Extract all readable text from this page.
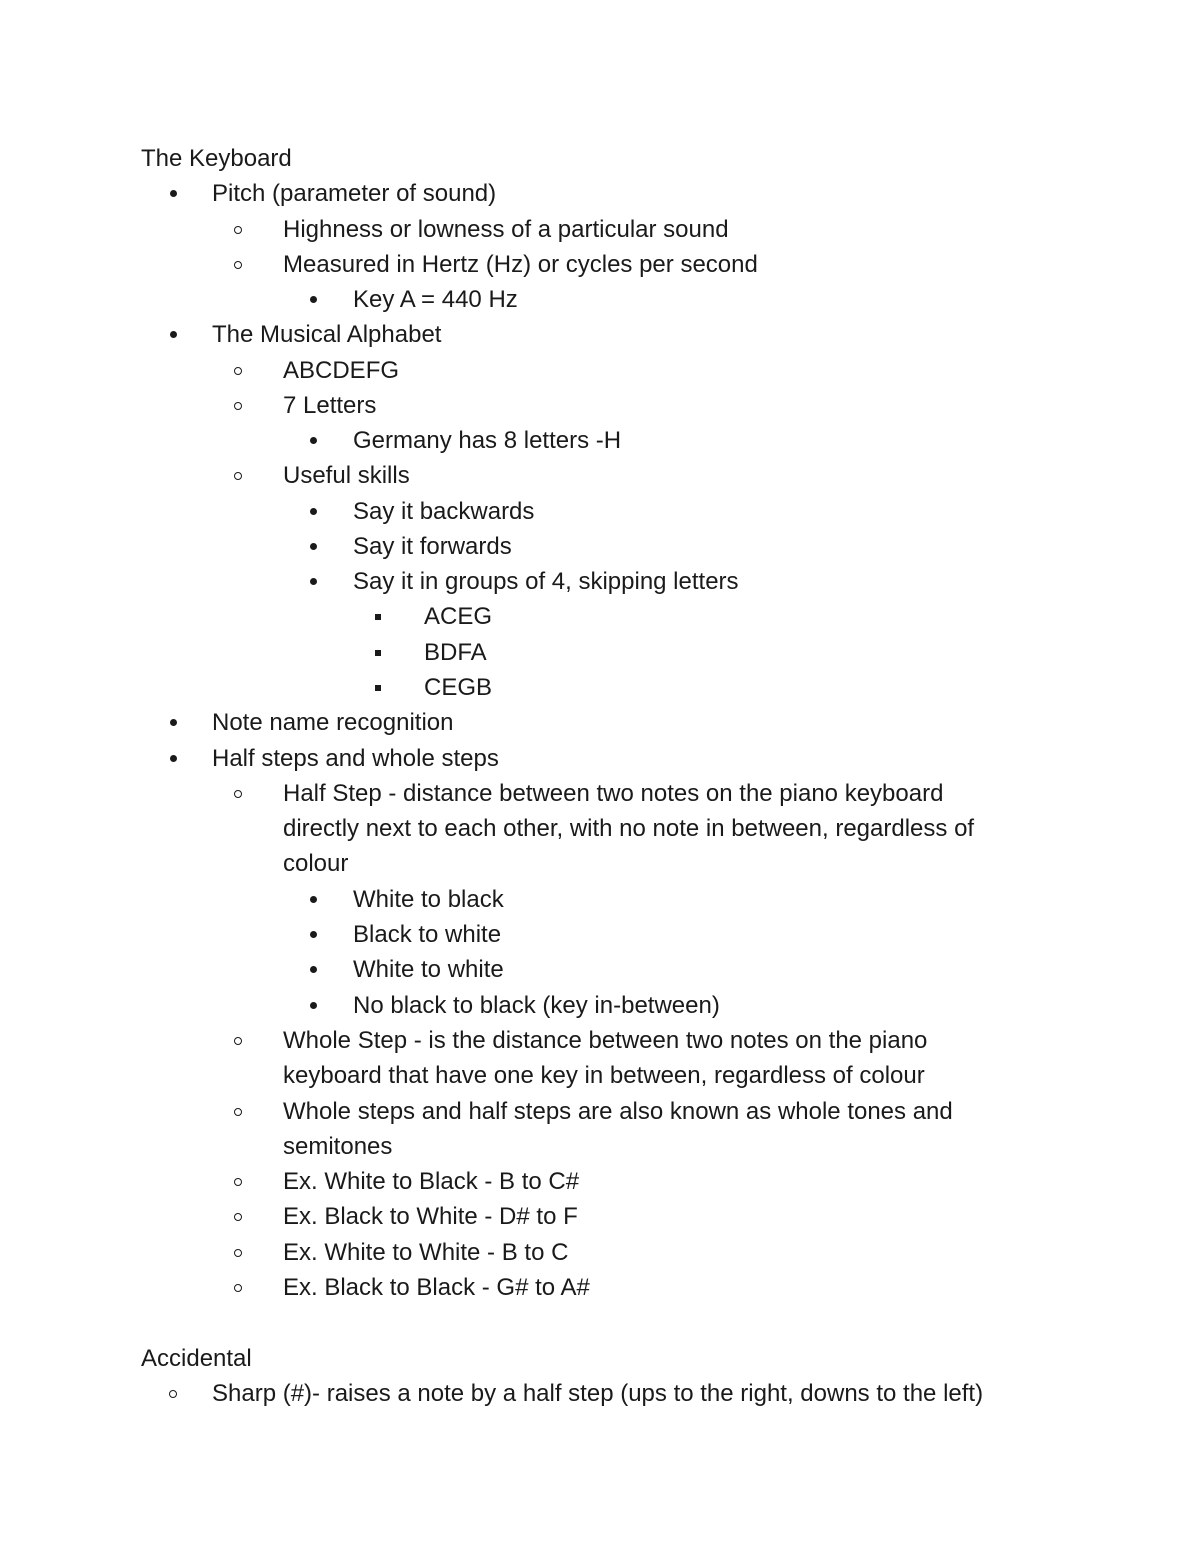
The Keyboard
Pitch (parameter of sound)
Highness or lowness of a particular sound
Measured in Hertz (Hz) or cycles per second
Key A = 440 Hz
The Musical Alphabet
ABCDEFG
7 Letters
Germany has 8 letters -H
Useful skills
Say it backwards
Say it forwards
Say it in groups of 4, skipping letters
ACEG
BDFA
CEGB
Note name recognition
Half steps and whole steps
Half Step - distance between two notes on the piano keyboard
directly next to each other, with no note in between, regardless of
colour
White to black
Black to white
White to white
No black to black (key in-between)
Whole Step - is the distance between two notes on the piano
keyboard that have one key in between, regardless of colour
Whole steps and half steps are also known as whole tones and
semitones
Ex. White to Black - B to C#
Ex. Black to White - D# to F
Ex. White to White - B to C
Ex. Black to Black - G# to A#
Accidental
Sharp (#)- raises a note by a half step (ups to the right, downs to the left)
